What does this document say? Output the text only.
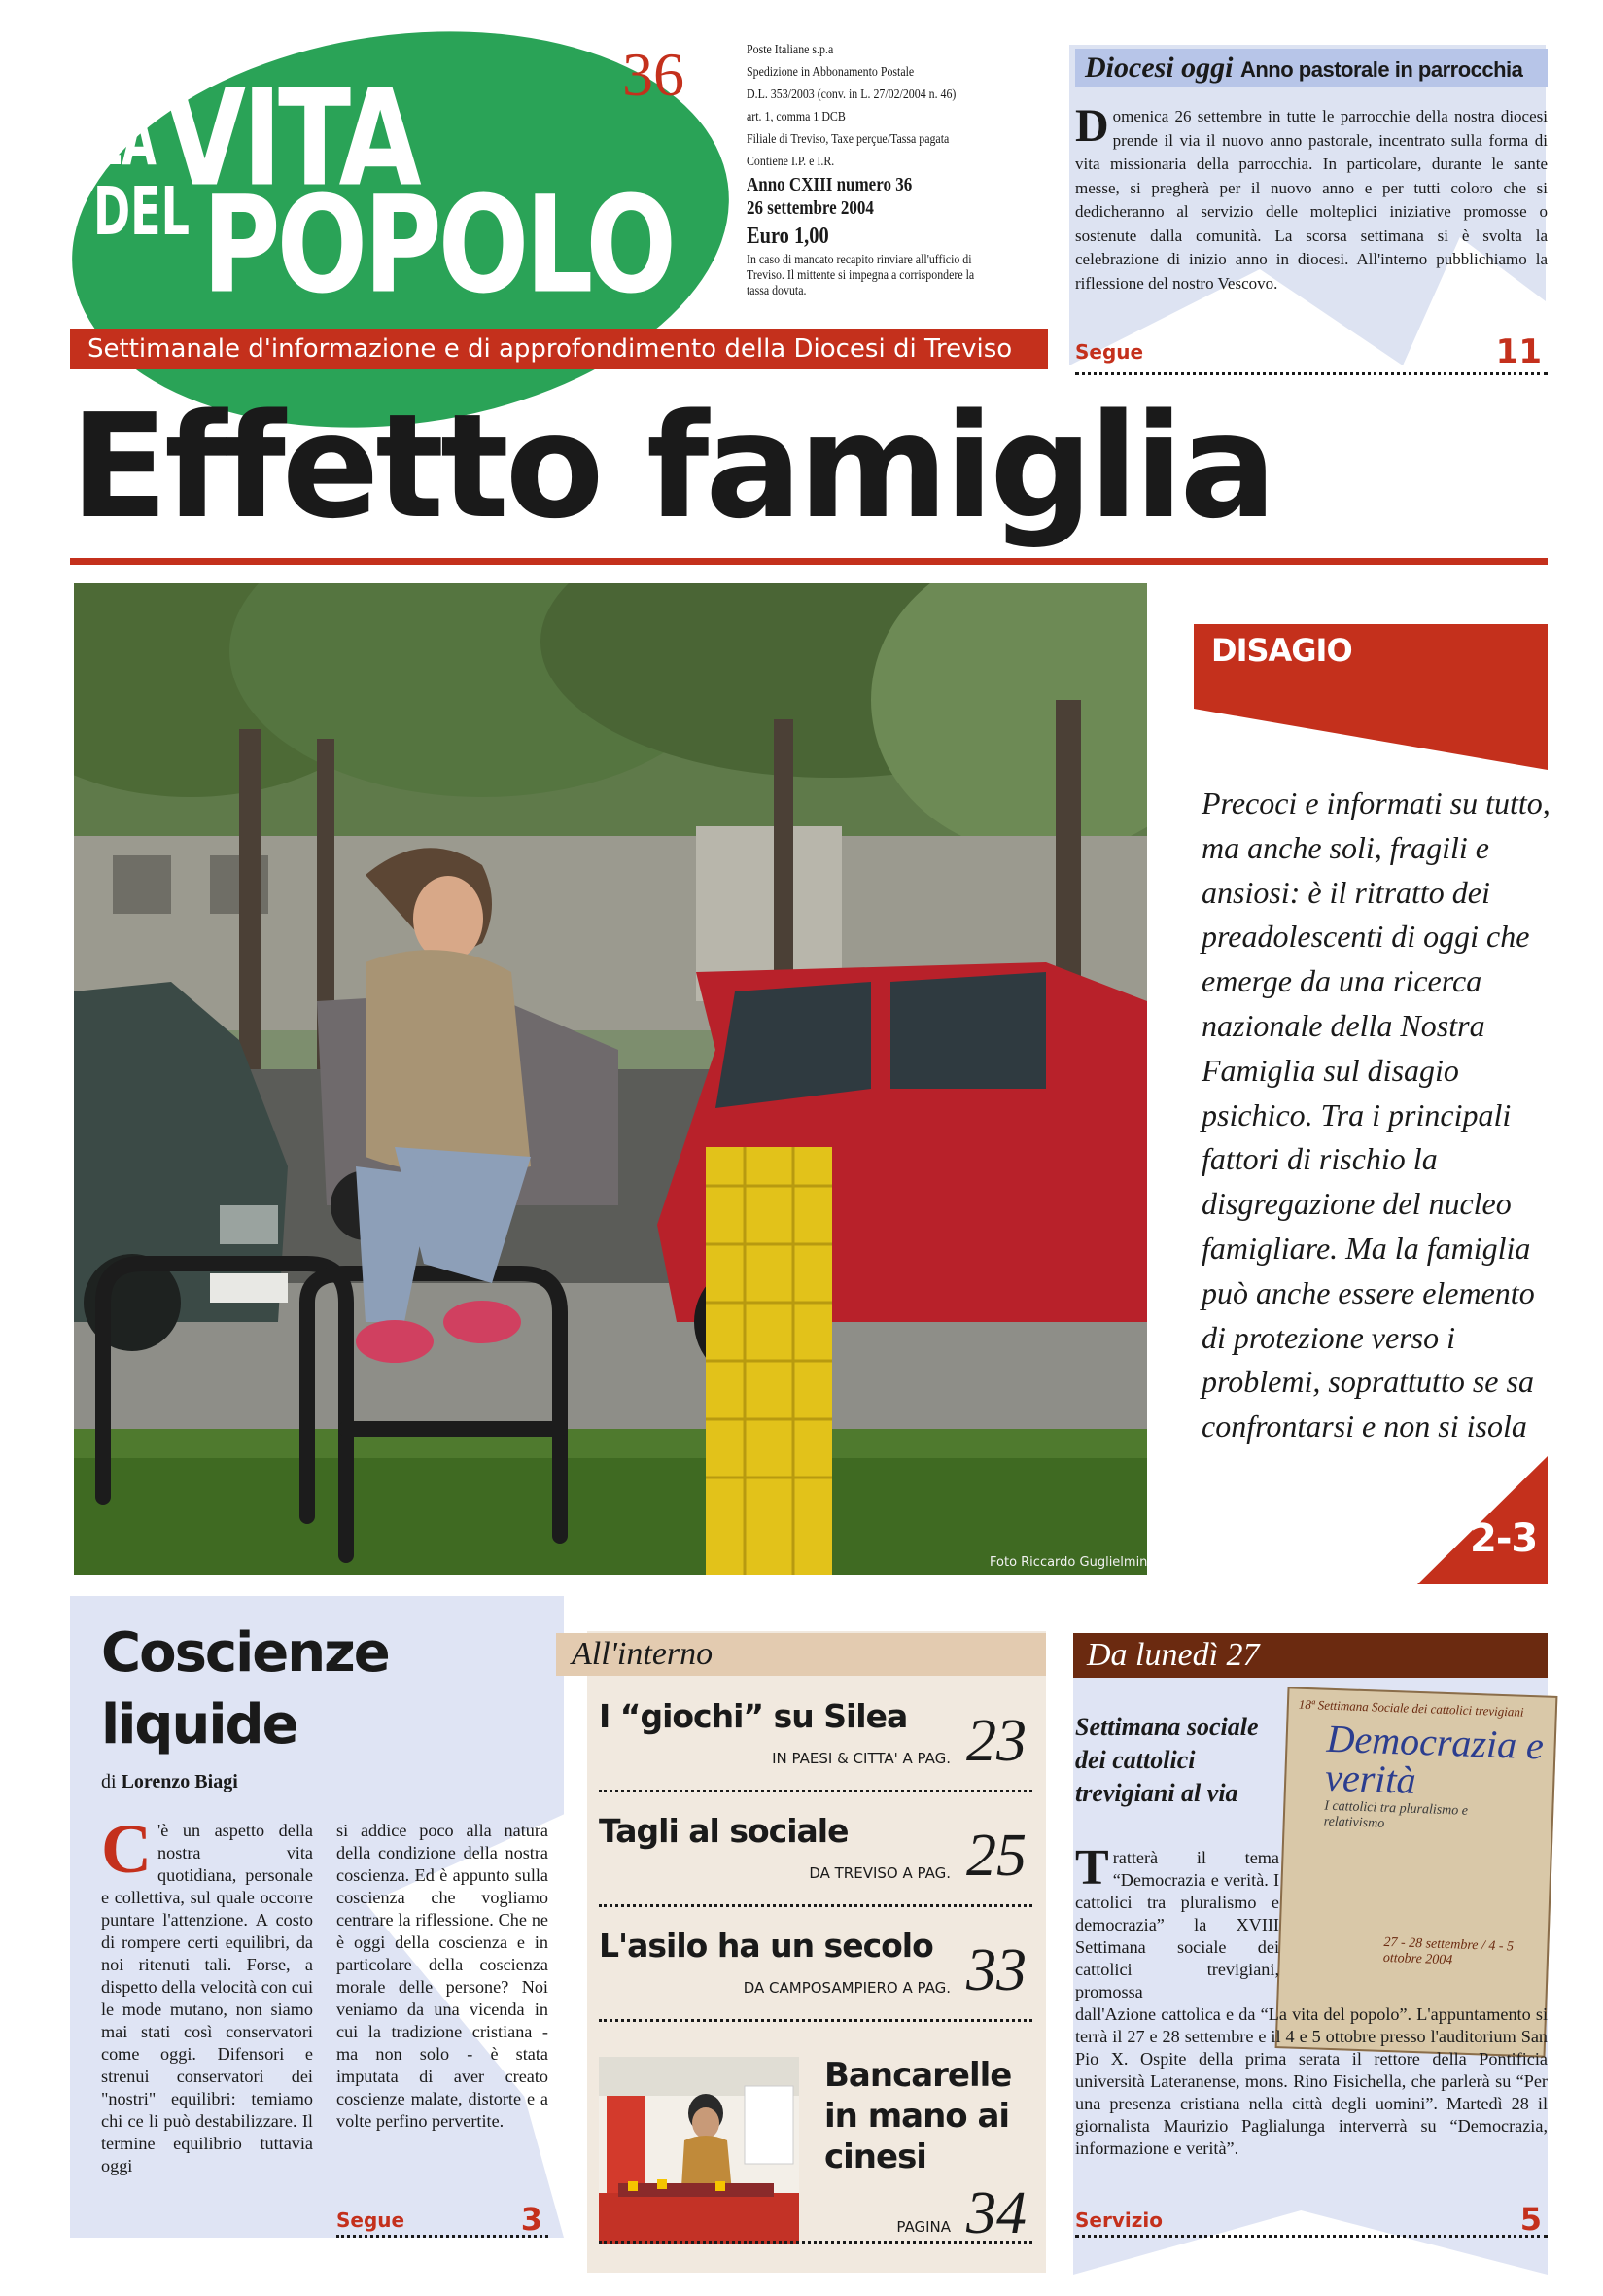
LA VITA
DEL POPOLO
36	Poste Italiane s.p.a
Spedizione in Abbonamento Postale
D.L. 353/2003 (conv. in L. 27/02/2004 n. 46)
art. 1, comma 1 DCB
Filiale di Treviso, Taxe perçue/Tassa pagata
Contiene I.P. e I.R.
Anno CXIII numero 36
26 settembre 2004
Euro 1,00
In caso di mancato recapito rinviare all'ufficio di Treviso. Il mittente si impegna a corrispondere la tassa dovuta.
Settimanale d'informazione e di approfondimento della Diocesi di Treviso
Diocesi oggi Anno pastorale in parrocchia
Domenica 26 settembre in tutte le parrocchie della nostra diocesi prende il via il nuovo anno pastorale, incentrato sulla forma di vita missionaria della parrocchia. In particolare, durante le sante messe, si pregherà per il nuovo anno e per tutti coloro che si dedicheranno al servizio delle molteplici iniziative promosse o sostenute dalla comunità. La scorsa settimana si è svolta la celebrazione di inizio anno in diocesi. All'interno pubblichiamo la riflessione del nostro Vescovo.
Segue	11
Effetto famiglia
Foto Riccardo Guglielmin
DISAGIO
Precoci e informati su tutto, ma anche soli, fragili e ansiosi: è il ritratto dei preadolescenti di oggi che emerge da una ricerca nazionale della Nostra Famiglia sul disagio psichico. Tra i principali fattori di rischio la disgregazione del nucleo famigliare. Ma la famiglia può anche essere elemento di protezione verso i problemi, soprattutto se sa confrontarsi e non si isola
2-3
Coscienze liquide
di Lorenzo Biagi
C 'è un aspetto della nostra vita quotidiana, personale e collettiva, sul quale occorre puntare l'attenzione. A costo di rompere certi equilibri, da noi ritenuti tali. Forse, a dispetto della velocità con cui le mode mutano, non siamo mai stati così conservatori come oggi. Difensori e strenui conservatori dei "nostri" equilibri: temiamo chi ce li può destabilizzare. Il termine equilibrio tuttavia oggi
si addice poco alla natura della condizione della nostra coscienza. Ed è appunto sulla coscienza che vogliamo centrare la riflessione. Che ne è oggi della coscienza e in particolare della coscienza morale delle persone? Noi veniamo da una vicenda in cui la tradizione cristiana - ma non solo - è stata imputata di aver creato coscienze malate, distorte e a volte perfino pervertite.
Segue	3
All'interno
I “giochi” su Silea
IN PAESI & CITTA' A PAG. 23
Tagli al sociale
DA TREVISO A PAG. 25
L'asilo ha un secolo
DA CAMPOSAMPIERO A PAG. 33
Bancarelle in mano ai cinesi
PAGINA 34
Da lunedì 27
Settimana sociale dei cattolici trevigiani al via
18ª Settimana Sociale dei cattolici trevigiani
Democrazia e verità
I cattolici tra pluralismo e relativismo
27 - 28 settembre / 4 - 5 ottobre 2004
Tratterà il tema “Democrazia e verità. I cattolici tra pluralismo e democrazia” la XVIII Settimana sociale dei cattolici trevigiani, promossa
dall'Azione cattolica e da “La vita del popolo”. L'appuntamento si terrà il 27 e 28 settembre e il 4 e 5 ottobre presso l'auditorium San Pio X. Ospite della prima serata il rettore della Pontificia università Lateranense, mons. Rino Fisichella, che parlerà su “Per una presenza cristiana nella città degli uomini”. Martedì 28 il giornalista Maurizio Paglialunga interverrà su “Democrazia, informazione e verità”.
Servizio	5
